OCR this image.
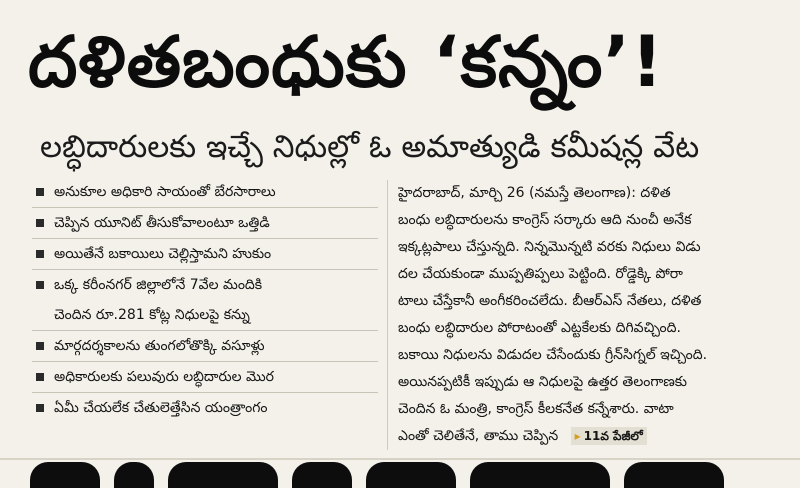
దళితబంధుకు ‘కన్నం’!
లబ్ధిదారులకు ఇచ్చే నిధుల్లో ఓ అమాత్యుడి కమీషన్ల వేట
అనుకూల అధికారి సాయంతో బేరసారాలు
చెప్పిన యూనిట్ తీసుకోవాలంటూ ఒత్తిడి
అయితేనే బకాయిలు చెల్లిస్తామని హుకుం
ఒక్క కరీంనగర్ జిల్లాలోనే 7వేల మందికి
చెందిన రూ.281 కోట్ల నిధులపై కన్ను
మార్గదర్శకాలను తుంగలోతొక్కి వసూళ్లు
అధికారులకు పలువురు లబ్ధిదారుల మొర
ఏమీ చేయలేక చేతులెత్తేసిన యంత్రాంగం
హైదరాబాద్, మార్చి 26 (నమస్తే తెలంగాణ): దళిత
బంధు లబ్ధిదారులను కాంగ్రెస్ సర్కారు ఆది నుంచీ అనేక
ఇక్కట్లపాలు చేస్తున్నది. నిన్నమొన్నటి వరకు నిధులు విడు
దల చేయకుండా ముప్పతిప్పలు పెట్టింది. రోడ్డెక్కి పోరా
టాలు చేస్తేకానీ అంగీకరించలేదు. బీఆర్ఎస్ నేతలు, దళిత
బంధు లబ్ధిదారుల పోరాటంతో ఎట్టకేలకు దిగివచ్చింది.
బకాయి నిధులను విడుదల చేసేందుకు గ్రీన్‌సిగ్నల్ ఇచ్చింది.
అయినప్పటికీ ఇప్పుడు ఆ నిధులపై ఉత్తర తెలంగాణకు
చెందిన ఓ మంత్రి, కాంగ్రెస్ కీలకనేత కన్నేశారు. వాటా
ఎంతో చెలితేనే, తాము చెప్పిన ▸ 11వ పేజీలో
